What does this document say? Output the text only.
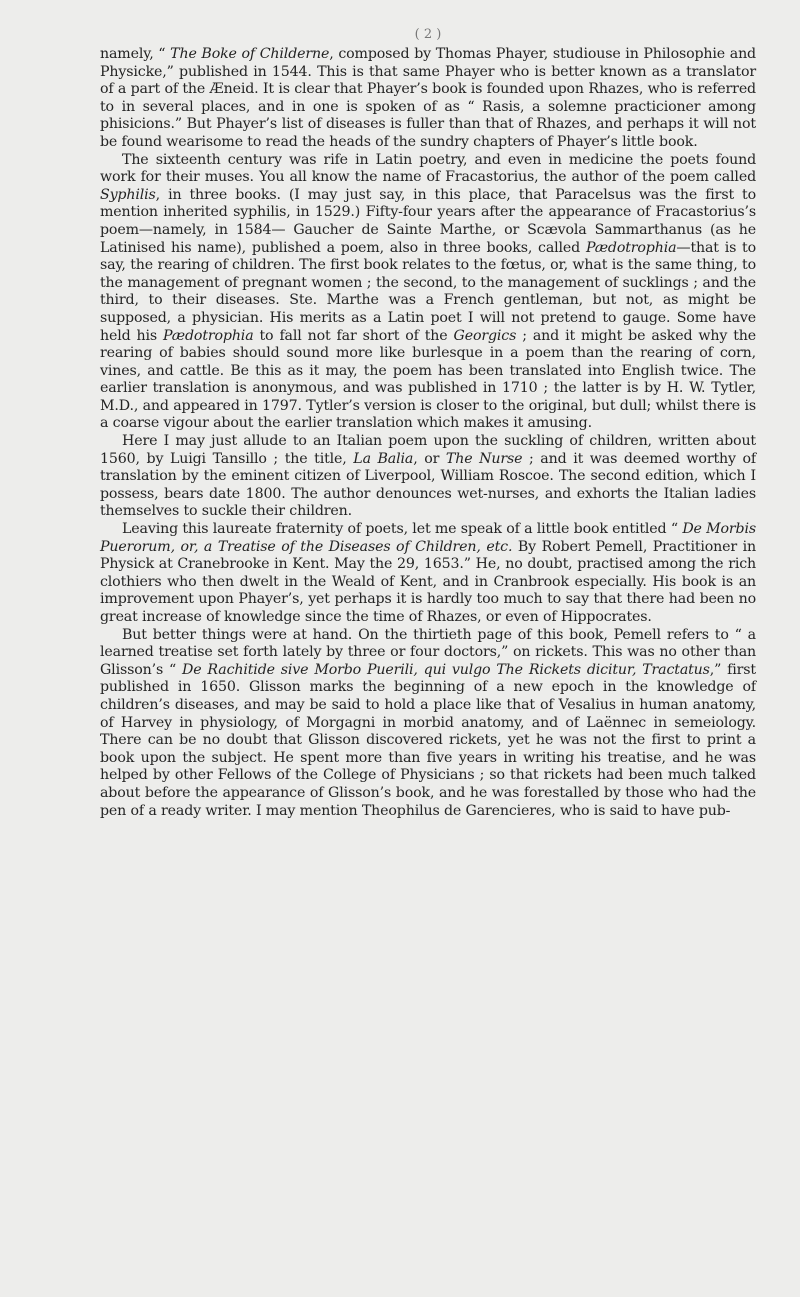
( 2 )

namely, “ The Boke of Childerne, composed by Thomas Phayer, studiouse in Philosophie and Physicke,” published in 1544. This is that same Phayer who is better known as a translator of a part of the Æneid. It is clear that Phayer’s book is founded upon Rhazes, who is referred to in several places, and in one is spoken of as “ Rasis, a solemne practicioner among phisicions.” But Phayer’s list of diseases is fuller than that of Rhazes, and perhaps it will not be found wearisome to read the heads of the sundry chapters of Phayer’s little book.

The sixteenth century was rife in Latin poetry, and even in medicine the poets found work for their muses. You all know the name of Fracastorius, the author of the poem called Syphilis, in three books. (I may just say, in this place, that Paracelsus was the first to mention inherited syphilis, in 1529.) Fifty-four years after the appearance of Fracastorius’s poem—namely, in 1584— Gaucher de Sainte Marthe, or Scævola Sammarthanus (as he Latinised his name), published a poem, also in three books, called Pædotrophia—that is to say, the rearing of children. The first book relates to the fœtus, or, what is the same thing, to the management of pregnant women ; the second, to the management of sucklings ; and the third, to their diseases. Ste. Marthe was a French gentleman, but not, as might be supposed, a physician. His merits as a Latin poet I will not pretend to gauge. Some have held his Pædotrophia to fall not far short of the Georgics ; and it might be asked why the rearing of babies should sound more like burlesque in a poem than the rearing of corn, vines, and cattle. Be this as it may, the poem has been translated into English twice. The earlier translation is anonymous, and was published in 1710 ; the latter is by H. W. Tytler, M.D., and appeared in 1797. Tytler’s version is closer to the original, but dull; whilst there is a coarse vigour about the earlier translation which makes it amusing.

Here I may just allude to an Italian poem upon the suckling of children, written about 1560, by Luigi Tansillo ; the title, La Balia, or The Nurse ; and it was deemed worthy of translation by the eminent citizen of Liverpool, William Roscoe. The second edition, which I possess, bears date 1800. The author denounces wet-nurses, and exhorts the Italian ladies themselves to suckle their children.

Leaving this laureate fraternity of poets, let me speak of a little book entitled “ De Morbis Puerorum, or, a Treatise of the Diseases of Children, etc. By Robert Pemell, Practitioner in Physick at Cranebrooke in Kent. May the 29, 1653.” He, no doubt, practised among the rich clothiers who then dwelt in the Weald of Kent, and in Cranbrook especially. His book is an improvement upon Phayer’s, yet perhaps it is hardly too much to say that there had been no great increase of knowledge since the time of Rhazes, or even of Hippocrates.

But better things were at hand. On the thirtieth page of this book, Pemell refers to “ a learned treatise set forth lately by three or four doctors,” on rickets. This was no other than Glisson’s “ De Rachitide sive Morbo Puerili, qui vulgo The Rickets dicitur, Tractatus,” first published in 1650. Glisson marks the beginning of a new epoch in the knowledge of children’s diseases, and may be said to hold a place like that of Vesalius in human anatomy, of Harvey in physiology, of Morgagni in morbid anatomy, and of Laënnec in semeiology. There can be no doubt that Glisson discovered rickets, yet he was not the first to print a book upon the subject. He spent more than five years in writing his treatise, and he was helped by other Fellows of the College of Physicians ; so that rickets had been much talked about before the appearance of Glisson’s book, and he was forestalled by those who had the pen of a ready writer. I may mention Theophilus de Garencieres, who is said to have pub-
